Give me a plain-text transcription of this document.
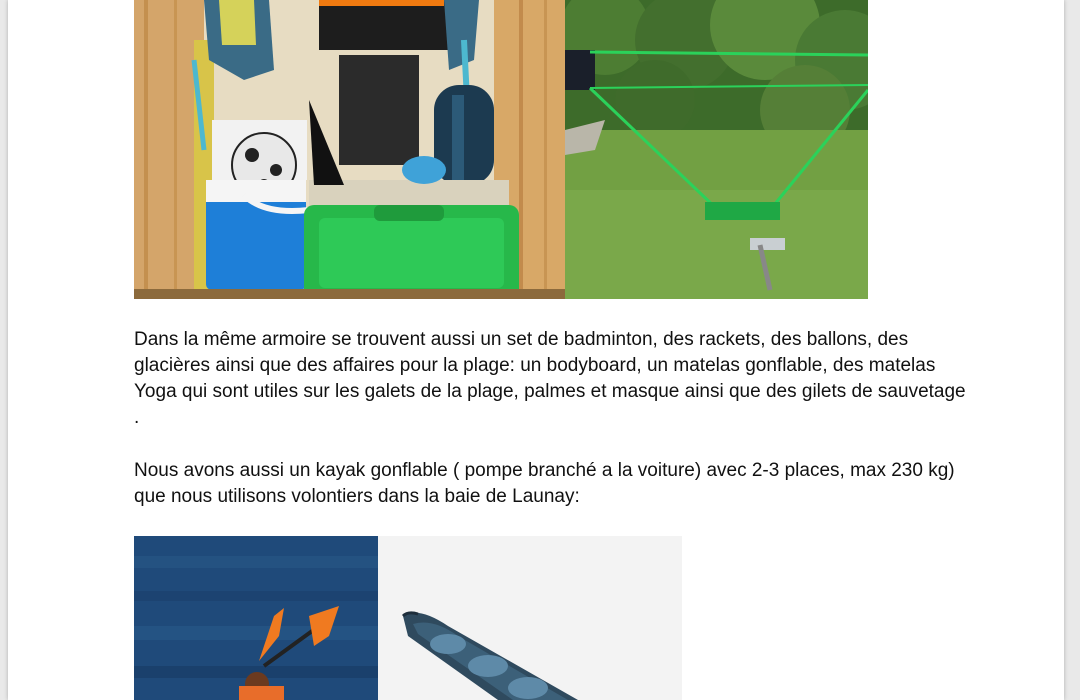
Dans la même armoire se trouvent aussi un set de badminton, des rackets, des ballons, des glacières ainsi que des affaires pour la plage: un bodyboard, un matelas gonflable, des matelas Yoga qui sont utiles sur les galets de la plage, palmes et masque ainsi que des gilets de sauvetage .

Nous avons aussi un kayak gonflable ( pompe branché a la voiture) avec 2-3 places, max 230 kg) que nous utilisons volontiers dans la baie de Launay:
